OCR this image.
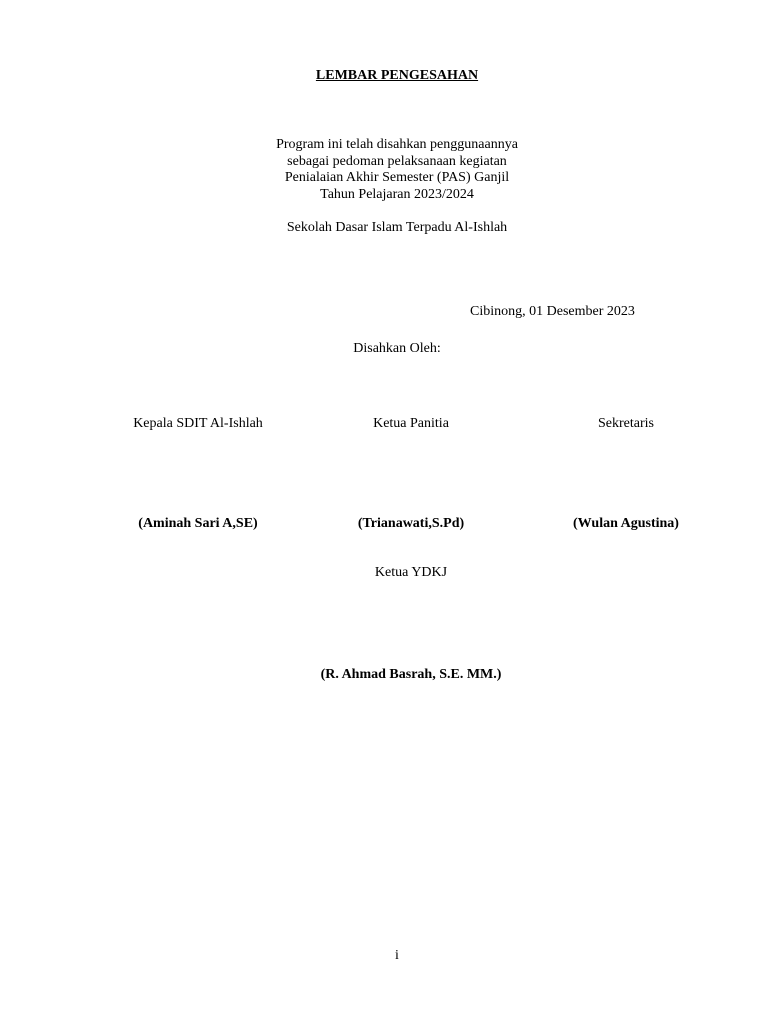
LEMBAR PENGESAHAN
Program ini telah disahkan penggunaannya
sebagai pedoman pelaksanaan kegiatan
Penialaian Akhir Semester (PAS) Ganjil
Tahun Pelajaran 2023/2024
Sekolah Dasar Islam Terpadu Al-Ishlah
Cibinong, 01 Desember 2023
Disahkan Oleh:
Kepala SDIT Al-Ishlah	Ketua Panitia	Sekretaris
(Aminah Sari A,SE)	(Trianawati,S.Pd)	(Wulan Agustina)
Ketua YDKJ
(R. Ahmad Basrah, S.E. MM.)
i
